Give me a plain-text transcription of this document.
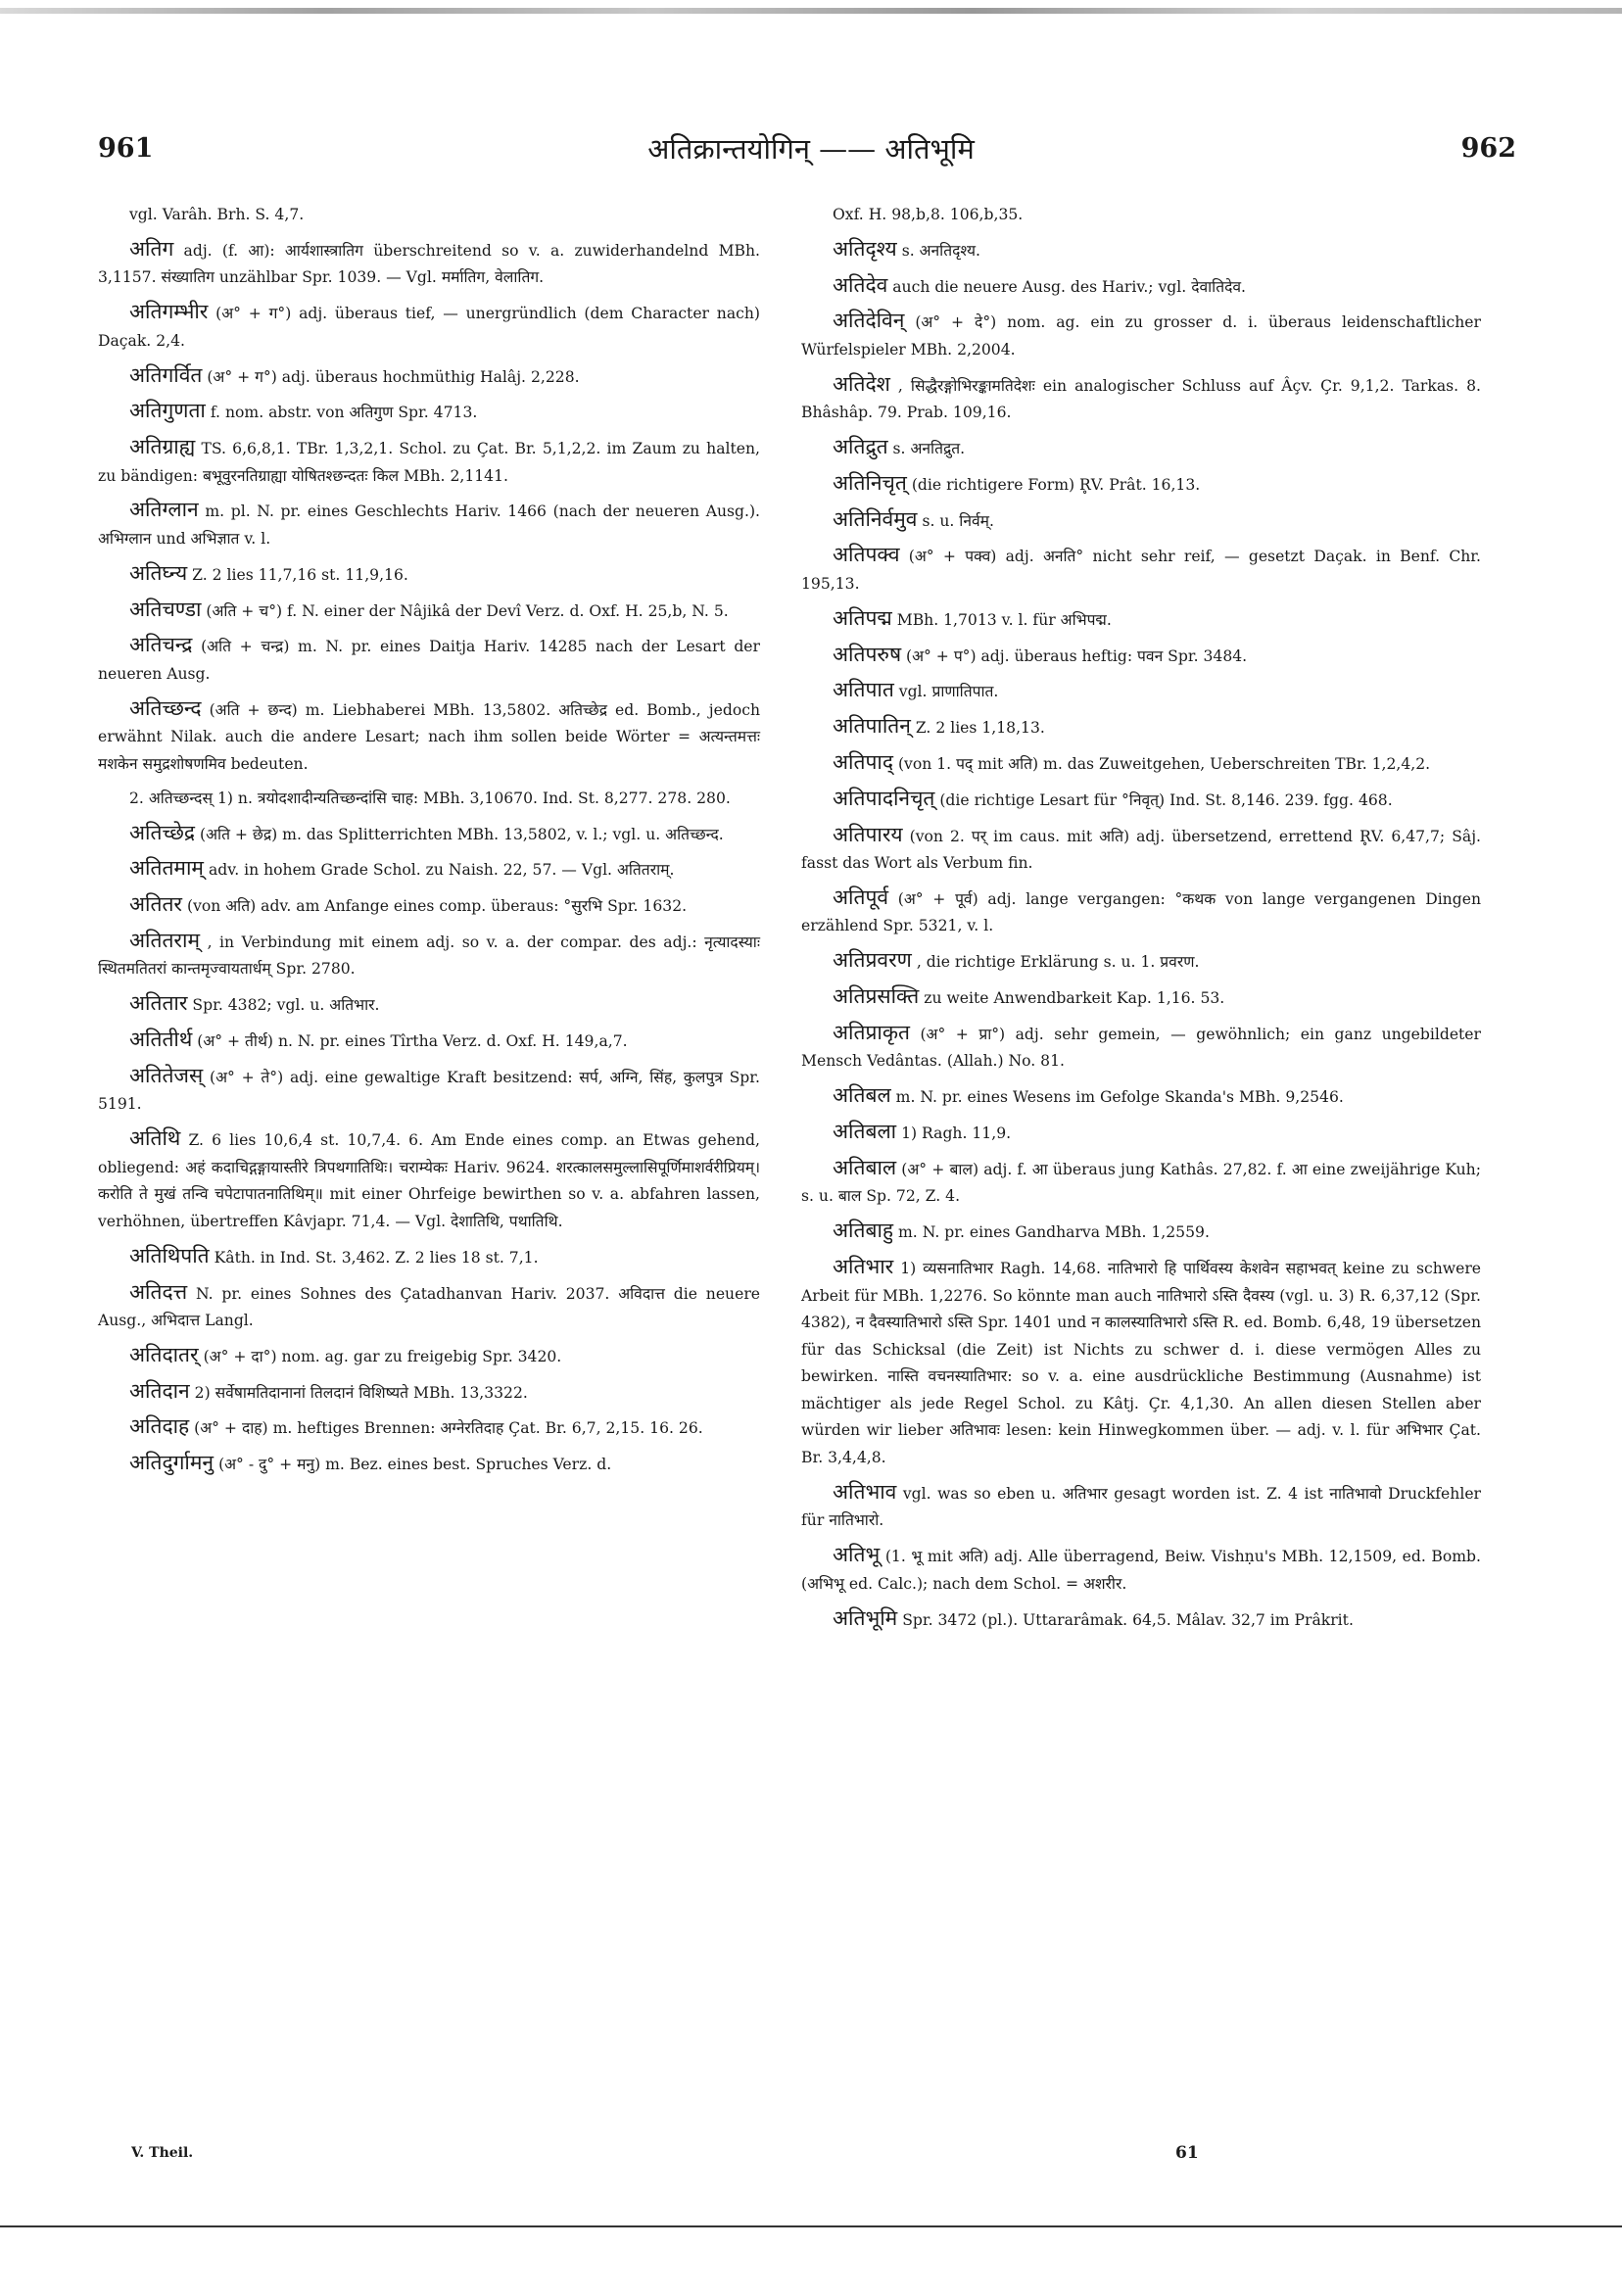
961	अतिक्रान्तयोगिन् —— अतिभूमि	962

vgl. Varâh. Brh. S. 4,7.

अतिग adj. (f. आ): आर्यशास्त्रातिग überschreitend so v. a. zuwiderhandelnd MBh. 3,1157. संख्यातिग unzählbar Spr. 1039. — Vgl. मर्मातिग, वेलातिग.

अतिगम्भीर (अ° + ग°) adj. überaus tief, — unergründlich (dem Character nach) Daçak. 2,4.

अतिगर्वित (अ° + ग°) adj. überaus hochmüthig Halâj. 2,228.

अतिगुणता f. nom. abstr. von अतिगुण Spr. 4713.

अतिग्राह्य TS. 6,6,8,1. TBr. 1,3,2,1. Schol. zu Çat. Br. 5,1,2,2. im Zaum zu halten, zu bändigen: बभूवुरनतिग्राह्या योषितश्छन्दतः किल MBh. 2,1141.

अतिग्लान m. pl. N. pr. eines Geschlechts Hariv. 1466 (nach der neueren Ausg.). अभिग्लान und अभिज्ञात v. l.

अतिघ्न्य Z. 2 lies 11,7,16 st. 11,9,16.

अतिचण्डा (अति + च°) f. N. einer der Nâjikâ der Devî Verz. d. Oxf. H. 25,b, N. 5.

अतिचन्द्र (अति + चन्द्र) m. N. pr. eines Daitja Hariv. 14285 nach der Lesart der neueren Ausg.

अतिच्छन्द (अति + छन्द) m. Liebhaberei MBh. 13,5802. अतिच्छेद्र ed. Bomb., jedoch erwähnt Nilak. auch die andere Lesart; nach ihm sollen beide Wörter = अत्यन्तमत्तः मशकेन समुद्रशोषणमिव bedeuten.

2. अतिच्छन्दस् 1) n. त्रयोदशादीन्यतिच्छन्दांसि चाह: MBh. 3,10670. Ind. St. 8,277. 278. 280.

अतिच्छेद्र (अति + छेद्र) m. das Splitterrichten MBh. 13,5802, v. l.; vgl. u. अतिच्छन्द.

अतितमाम् adv. in hohem Grade Schol. zu Naish. 22, 57. — Vgl. अतितराम्.

अतितर (von अति) adv. am Anfange eines comp. überaus: °सुरभि Spr. 1632.

अतितराम् , in Verbindung mit einem adj. so v. a. der compar. des adj.: नृत्यादस्याः स्थितमतितरां कान्तमृज्वायतार्धम् Spr. 2780.

अतितार Spr. 4382; vgl. u. अतिभार.

अतितीर्थ (अ° + तीर्थ) n. N. pr. eines Tîrtha Verz. d. Oxf. H. 149,a,7.

अतितेजस् (अ° + ते°) adj. eine gewaltige Kraft besitzend: सर्प, अग्नि, सिंह, कुलपुत्र Spr. 5191.

अतिथि Z. 6 lies 10,6,4 st. 10,7,4. 6. Am Ende eines comp. an Etwas gehend, obliegend: अहं कदाचिद्गङ्गायास्तीरे त्रिपथगातिथिः। चराम्येकः Hariv. 9624. शरत्कालसमुल्लासिपूर्णिमाशर्वरीप्रियम्। करोति ते मुखं तन्वि चपेटापातनातिथिम्॥ mit einer Ohrfeige bewirthen so v. a. abfahren lassen, verhöhnen, übertreffen Kâvjapr. 71,4. — Vgl. देशातिथि, पथातिथि.

अतिथिपति Kâth. in Ind. St. 3,462. Z. 2 lies 18 st. 7,1.

अतिदत्त N. pr. eines Sohnes des Çatadhanvan Hariv. 2037. अविदात्त die neuere Ausg., अभिदात्त Langl.

अतिदातर् (अ° + दा°) nom. ag. gar zu freigebig Spr. 3420.

अतिदान 2) सर्वेषामतिदानानां तिलदानं विशिष्यते MBh. 13,3322.

अतिदाह (अ° + दाह) m. heftiges Brennen: अग्नेरतिदाह Çat. Br. 6,7, 2,15. 16. 26.

अतिदुर्गामनु (अ° - दु° + मनु) m. Bez. eines best. Spruches Verz. d.

Oxf. H. 98,b,8. 106,b,35.

अतिदृश्य s. अनतिदृश्य.

अतिदेव auch die neuere Ausg. des Hariv.; vgl. देवातिदेव.

अतिदेविन् (अ° + दे°) nom. ag. ein zu grosser d. i. überaus leidenschaftlicher Würfelspieler MBh. 2,2004.

अतिदेश , सिद्धैरङ्गोभिरङ्कामतिदेशः ein analogischer Schluss auf Âçv. Çr. 9,1,2. Tarkas. 8. Bhâshâp. 79. Prab. 109,16.

अतिद्रुत s. अनतिद्रुत.

अतिनिचृत् (die richtigere Form) R̥V. Prât. 16,13.

अतिनिर्वमुव s. u. निर्वम्.

अतिपक्व (अ° + पक्व) adj. अनति° nicht sehr reif, — gesetzt Daçak. in Benf. Chr. 195,13.

अतिपद्म MBh. 1,7013 v. l. für अभिपद्म.

अतिपरुष (अ° + प°) adj. überaus heftig: पवन Spr. 3484.

अतिपात vgl. प्राणातिपात.

अतिपातिन् Z. 2 lies 1,18,13.

अतिपाद् (von 1. पद् mit अति) m. das Zuweitgehen, Ueberschreiten TBr. 1,2,4,2.

अतिपादनिचृत् (die richtige Lesart für °निवृत्) Ind. St. 8,146. 239. fgg. 468.

अतिपारय (von 2. पर् im caus. mit अति) adj. übersetzend, errettend R̥V. 6,47,7; Sâj. fasst das Wort als Verbum fin.

अतिपूर्व (अ° + पूर्व) adj. lange vergangen: °कथक von lange vergangenen Dingen erzählend Spr. 5321, v. l.

अतिप्रवरण , die richtige Erklärung s. u. 1. प्रवरण.

अतिप्रसक्ति zu weite Anwendbarkeit Kap. 1,16. 53.

अतिप्राकृत (अ° + प्रा°) adj. sehr gemein, — gewöhnlich; ein ganz ungebildeter Mensch Vedântas. (Allah.) No. 81.

अतिबल m. N. pr. eines Wesens im Gefolge Skanda's MBh. 9,2546.

अतिबला 1) Ragh. 11,9.

अतिबाल (अ° + बाल) adj. f. आ überaus jung Kathâs. 27,82. f. आ eine zweijährige Kuh; s. u. बाल Sp. 72, Z. 4.

अतिबाहु m. N. pr. eines Gandharva MBh. 1,2559.

अतिभार 1) व्यसनातिभार Ragh. 14,68. नातिभारो हि पार्थिवस्य केशवेन सहाभवत् keine zu schwere Arbeit für MBh. 1,2276. So könnte man auch नातिभारो ऽस्ति दैवस्य (vgl. u. 3) R. 6,37,12 (Spr. 4382), न दैवस्यातिभारो ऽस्ति Spr. 1401 und न कालस्यातिभारो ऽस्ति R. ed. Bomb. 6,48, 19 übersetzen für das Schicksal (die Zeit) ist Nichts zu schwer d. i. diese vermögen Alles zu bewirken. नास्ति वचनस्यातिभार: so v. a. eine ausdrückliche Bestimmung (Ausnahme) ist mächtiger als jede Regel Schol. zu Kâtj. Çr. 4,1,30. An allen diesen Stellen aber würden wir lieber अतिभावः lesen: kein Hinwegkommen über. — adj. v. l. für अभिभार Çat. Br. 3,4,4,8.

अतिभाव vgl. was so eben u. अतिभार gesagt worden ist. Z. 4 ist नातिभावो Druckfehler für नातिभारो.

अतिभू (1. भू mit अति) adj. Alle überragend, Beiw. Vishṇu's MBh. 12,1509, ed. Bomb. (अभिभू ed. Calc.); nach dem Schol. = अशरीर.

अतिभूमि Spr. 3472 (pl.). Uttararâmak. 64,5. Mâlav. 32,7 im Prâkrit.

V. Theil.	61
